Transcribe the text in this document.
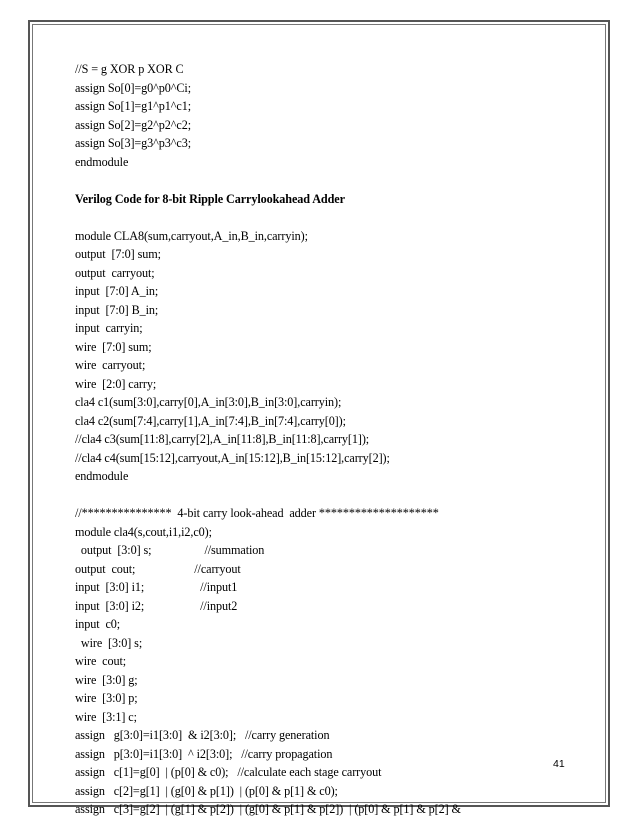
//S = g XOR p XOR C
assign So[0]=g0^p0^Ci;
assign So[1]=g1^p1^c1;
assign So[2]=g2^p2^c2;
assign So[3]=g3^p3^c3;
endmodule
Verilog Code for 8-bit Ripple Carrylookahead Adder
module CLA8(sum,carryout,A_in,B_in,carryin);
output  [7:0] sum;
output  carryout;
input  [7:0] A_in;
input  [7:0] B_in;
input  carryin;
wire  [7:0] sum;
wire  carryout;
wire  [2:0] carry;
cla4 c1(sum[3:0],carry[0],A_in[3:0],B_in[3:0],carryin);
cla4 c2(sum[7:4],carry[1],A_in[7:4],B_in[7:4],carry[0]);
//cla4 c3(sum[11:8],carry[2],A_in[11:8],B_in[11:8],carry[1]);
//cla4 c4(sum[15:12],carryout,A_in[15:12],B_in[15:12],carry[2]);
endmodule
//***************  4-bit carry look-ahead  adder ********************
module cla4(s,cout,i1,i2,c0);
output  [3:0] s;                  //summation
output  cout;                    //carryout
input  [3:0] i1;                   //input1
input  [3:0] i2;                   //input2
input  c0;
wire  [3:0] s;
wire  cout;
wire  [3:0] g;
wire  [3:0] p;
wire  [3:1] c;
assign   g[3:0]=i1[3:0]  & i2[3:0];   //carry generation
assign   p[3:0]=i1[3:0]  ^ i2[3:0];   //carry propagation
assign   c[1]=g[0]  | (p[0] & c0);   //calculate each stage carryout
assign   c[2]=g[1]  | (g[0] & p[1])  | (p[0] & p[1] & c0);
assign   c[3]=g[2]  | (g[1] & p[2])  | (g[0] & p[1] & p[2])  | (p[0] & p[1] & p[2] &
41
